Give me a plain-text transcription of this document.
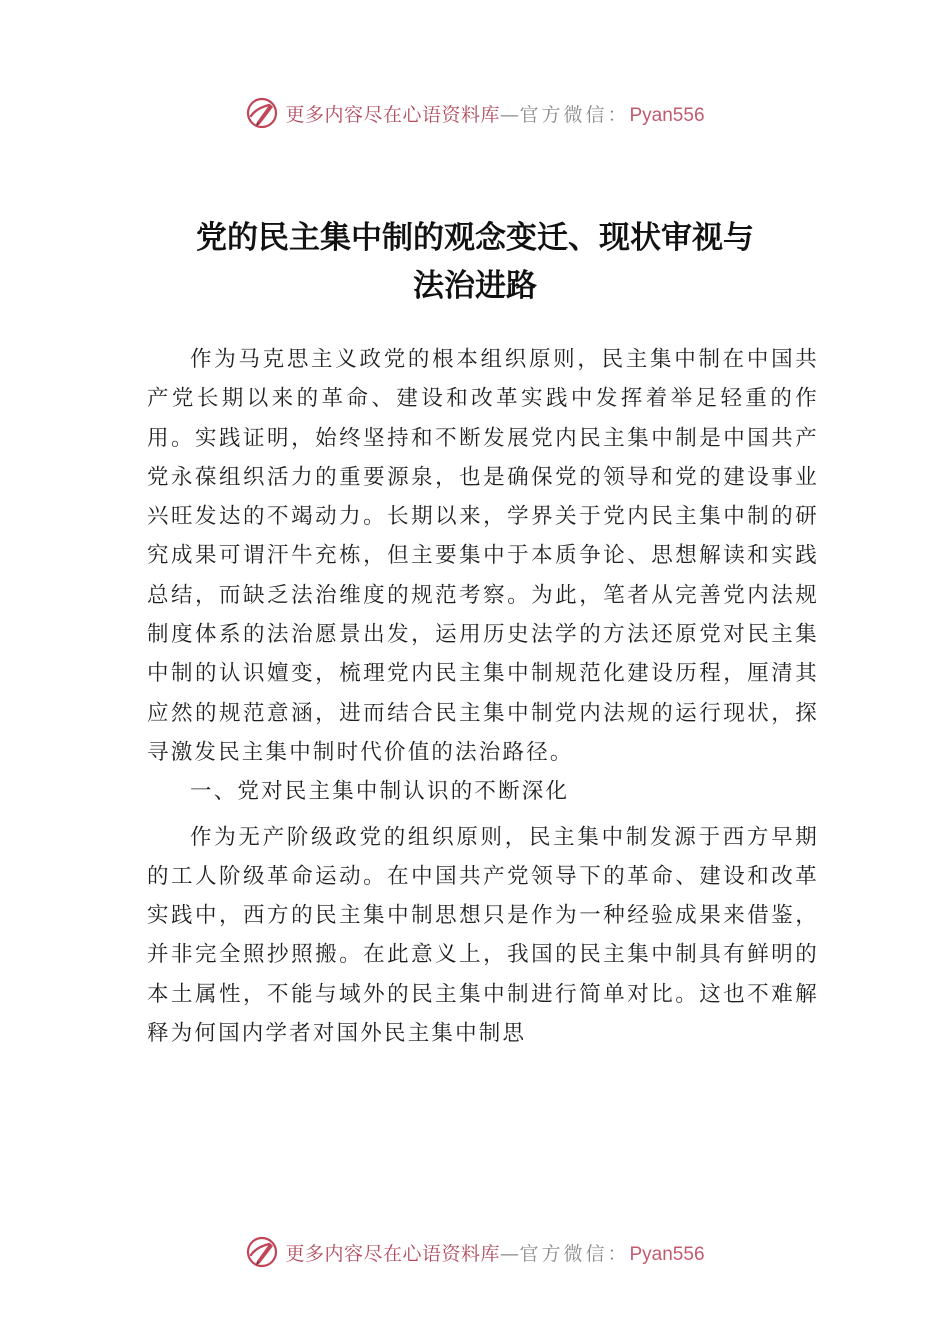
更多内容尽在心语资料库—官方微信：Pyan556
党的民主集中制的观念变迁、现状审视与
法治进路

作为马克思主义政党的根本组织原则，民主集中制在中国共产党长期以来的革命、建设和改革实践中发挥着举足轻重的作用。实践证明，始终坚持和不断发展党内民主集中制是中国共产党永葆组织活力的重要源泉，也是确保党的领导和党的建设事业兴旺发达的不竭动力。长期以来，学界关于党内民主集中制的研究成果可谓汗牛充栋，但主要集中于本质争论、思想解读和实践总结，而缺乏法治维度的规范考察。为此，笔者从完善党内法规制度体系的法治愿景出发，运用历史法学的方法还原党对民主集中制的认识嬗变，梳理党内民主集中制规范化建设历程，厘清其应然的规范意涵，进而结合民主集中制党内法规的运行现状，探寻激发民主集中制时代价值的法治路径。

一、党对民主集中制认识的不断深化

作为无产阶级政党的组织原则，民主集中制发源于西方早期的工人阶级革命运动。在中国共产党领导下的革命、建设和改革实践中，西方的民主集中制思想只是作为一种经验成果来借鉴，并非完全照抄照搬。在此意义上，我国的民主集中制具有鲜明的本土属性，不能与域外的民主集中制进行简单对比。这也不难解释为何国内学者对国外民主集中制思

更多内容尽在心语资料库—官方微信：Pyan556
